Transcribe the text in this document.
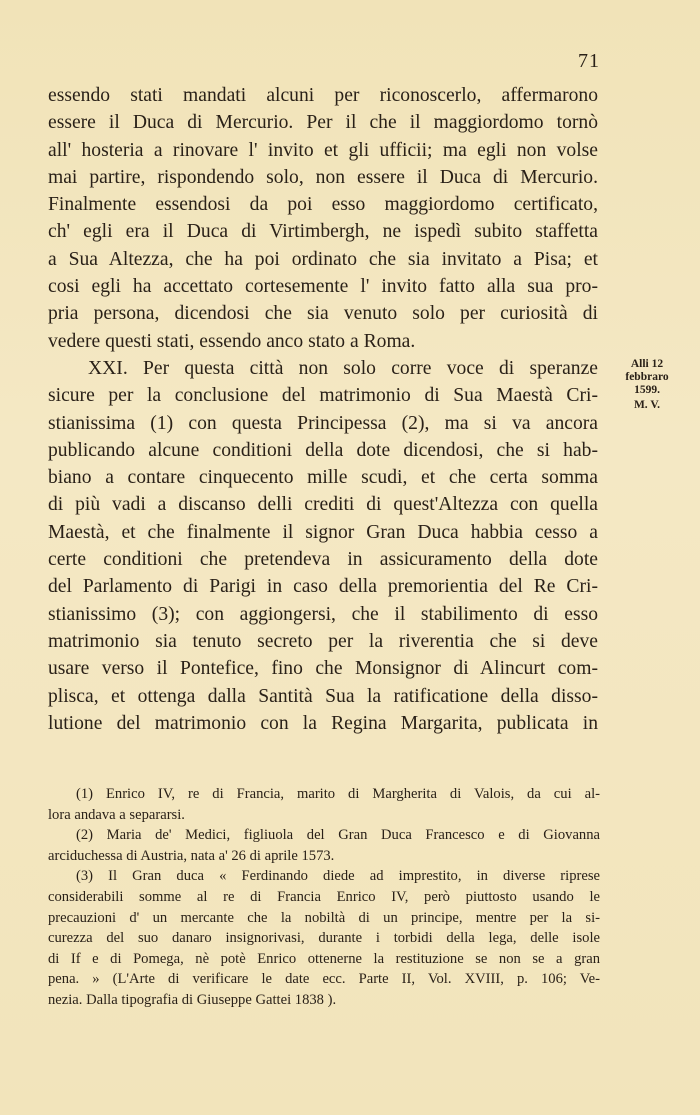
71
essendo stati mandati alcuni per riconoscerlo, affermarono
essere il Duca di Mercurio. Per il che il maggiordomo tornò
all' hosteria a rinovare l' invito et gli ufficii; ma egli non volse
mai partire, rispondendo solo, non essere il Duca di Mercurio.
Finalmente essendosi da poi esso maggiordomo certificato,
ch' egli era il Duca di Virtimbergh, ne ispedì subito staffetta
a Sua Altezza, che ha poi ordinato che sia invitato a Pisa; et
cosi egli ha accettato cortesemente l' invito fatto alla sua pro-
pria persona, dicendosi che sia venuto solo per curiosità di
vedere questi stati, essendo anco stato a Roma.
XXI. Per questa città non solo corre voce di speranze
sicure per la conclusione del matrimonio di Sua Maestà Cri-
stianissima (1) con questa Principessa (2), ma si va ancora
publicando alcune conditioni della dote dicendosi, che si hab-
biano a contare cinquecento mille scudi, et che certa somma
di più vadi a discanso delli crediti di quest'Altezza con quella
Maestà, et che finalmente il signor Gran Duca habbia cesso a
certe conditioni che pretendeva in assicuramento della dote
del Parlamento di Parigi in caso della premorientia del Re Cri-
stianissimo (3); con aggiongersi, che il stabilimento di esso
matrimonio sia tenuto secreto per la riverentia che si deve
usare verso il Pontefice, fino che Monsignor di Alincurt com-
plisca, et ottenga dalla Santità Sua la ratificatione della disso-
lutione del matrimonio con la Regina Margarita, publicata in
Alli 12
febbraro
1599.
M. V.
(1) Enrico IV, re di Francia, marito di Margherita di Valois, da cui al-
lora andava a separarsi.
(2) Maria de' Medici, figliuola del Gran Duca Francesco e di Giovanna
arciduchessa di Austria, nata a' 26 di aprile 1573.
(3) Il Gran duca « Ferdinando diede ad imprestito, in diverse riprese
considerabili somme al re di Francia Enrico IV, però piuttosto usando le
precauzioni d' un mercante che la nobiltà di un principe, mentre per la si-
curezza del suo danaro insignorivasi, durante i torbidi della lega, delle isole
di If e di Pomega, nè potè Enrico ottenerne la restituzione se non se a gran
pena. » (L'Arte di verificare le date ecc. Parte II, Vol. XVIII, p. 106; Ve-
nezia. Dalla tipografia di Giuseppe Gattei 1838 ).
